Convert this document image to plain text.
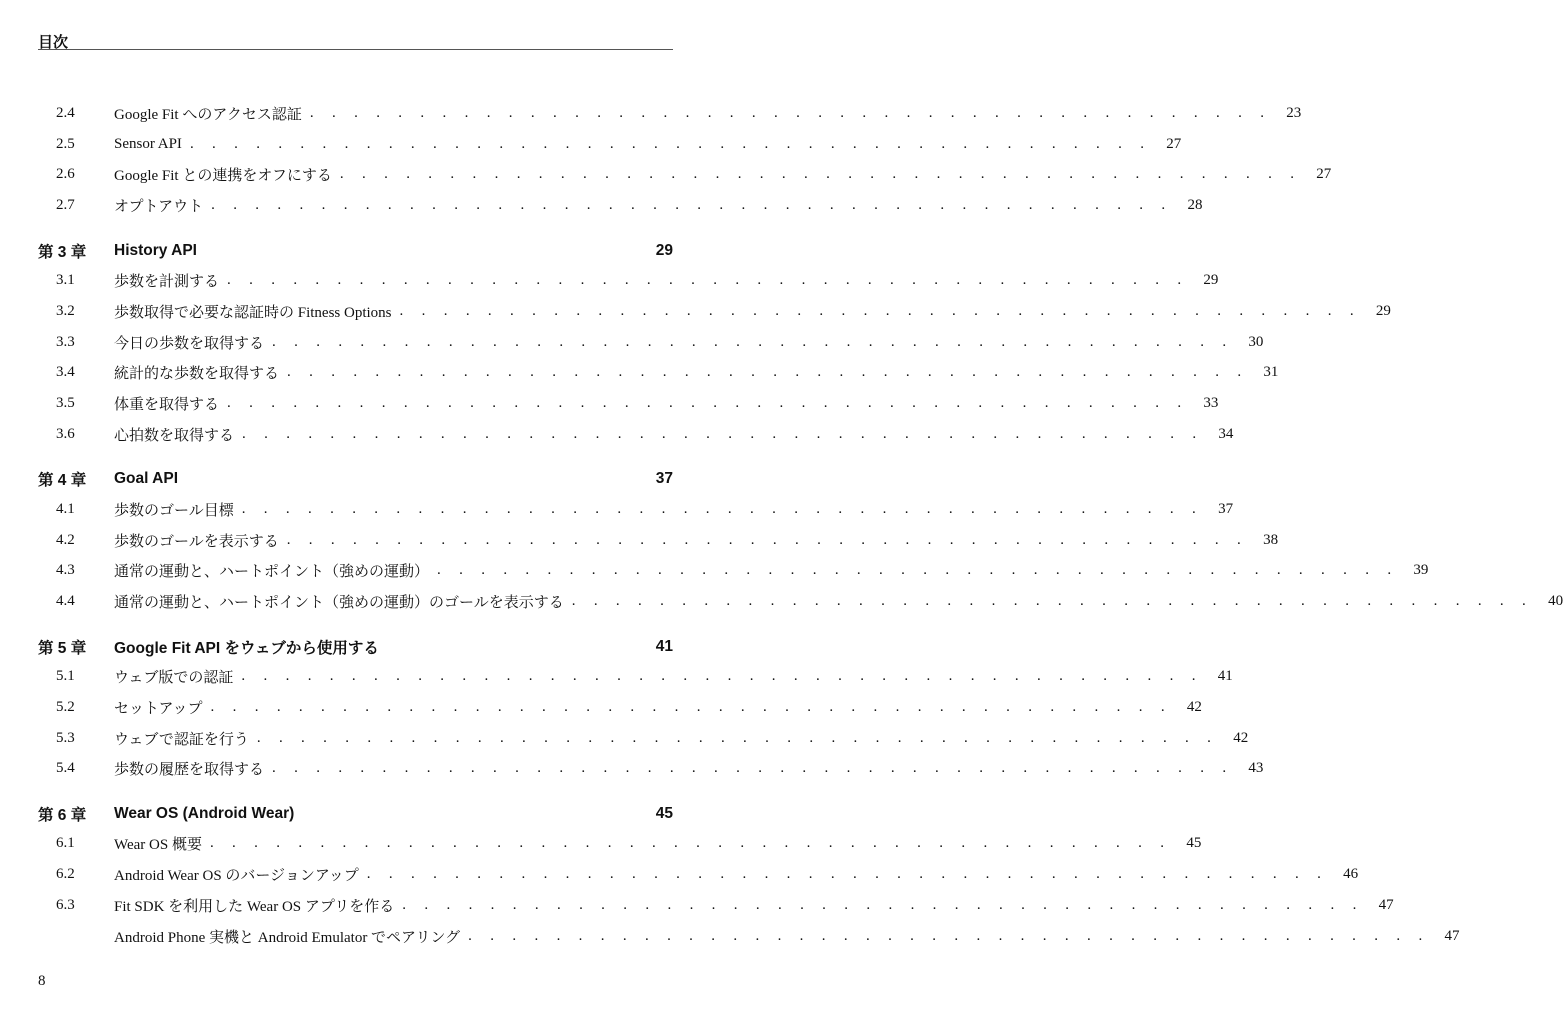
目次
2.4	Google Fit へのアクセス認証 . . . . . . . . . . . . . . . . . . . . . . . . . . . . . . . . . . . . . . . . . . . .	23
2.5	Sensor API . . . . . . . . . . . . . . . . . . . . . . . . . . . . . . . . . . . . . . . . . . . .	27
2.6	Google Fit との連携をオフにする . . . . . . . . . . . . . . . . . . . . . . . . . . . . . . . . . . . . . . . . . . . .	27
2.7	オプトアウト . . . . . . . . . . . . . . . . . . . . . . . . . . . . . . . . . . . . . . . . . . . .	28
第 3 章	History API	29
3.1	歩数を計測する . . . . . . . . . . . . . . . . . . . . . . . . . . . . . . . . . . . . . . . . . . . .	29
3.2	歩数取得で必要な認証時の Fitness Options . . . . . . . . . . . . . . . . . . . . . . . . . . . . . . . . . . . . . . . . . . . .	29
3.3	今日の歩数を取得する . . . . . . . . . . . . . . . . . . . . . . . . . . . . . . . . . . . . . . . . . . . .	30
3.4	統計的な歩数を取得する . . . . . . . . . . . . . . . . . . . . . . . . . . . . . . . . . . . . . . . . . . . .	31
3.5	体重を取得する . . . . . . . . . . . . . . . . . . . . . . . . . . . . . . . . . . . . . . . . . . . .	33
3.6	心拍数を取得する . . . . . . . . . . . . . . . . . . . . . . . . . . . . . . . . . . . . . . . . . . . .	34
第 4 章	Goal API	37
4.1	歩数のゴール目標 . . . . . . . . . . . . . . . . . . . . . . . . . . . . . . . . . . . . . . . . . . . .	37
4.2	歩数のゴールを表示する . . . . . . . . . . . . . . . . . . . . . . . . . . . . . . . . . . . . . . . . . . . .	38
4.3	通常の運動と、ハートポイント（強めの運動） . . . . . . . . . . . . . . . . . . . . . . . . . . . . . . . . . . . . . . . . . . . .	39
4.4	通常の運動と、ハートポイント（強めの運動）のゴールを表示する . . . . . . . . . . . . . . . . . . . . . . . . . . . . . . . . . . . . . . . . . . . .	40
第 5 章	Google Fit API をウェブから使用する	41
5.1	ウェブ版での認証 . . . . . . . . . . . . . . . . . . . . . . . . . . . . . . . . . . . . . . . . . . . .	41
5.2	セットアップ . . . . . . . . . . . . . . . . . . . . . . . . . . . . . . . . . . . . . . . . . . . .	42
5.3	ウェブで認証を行う . . . . . . . . . . . . . . . . . . . . . . . . . . . . . . . . . . . . . . . . . . . .	42
5.4	歩数の履歴を取得する . . . . . . . . . . . . . . . . . . . . . . . . . . . . . . . . . . . . . . . . . . . .	43
第 6 章	Wear OS (Android Wear)	45
6.1	Wear OS 概要 . . . . . . . . . . . . . . . . . . . . . . . . . . . . . . . . . . . . . . . . . . . .	45
6.2	Android Wear OS のバージョンアップ . . . . . . . . . . . . . . . . . . . . . . . . . . . . . . . . . . . . . . . . . . . .	46
6.3	Fit SDK を利用した Wear OS アプリを作る . . . . . . . . . . . . . . . . . . . . . . . . . . . . . . . . . . . . . . . . . . . .	47
Android Phone 実機と Android Emulator でペアリング . . . . . . . . . . . . . . . . . . . . . . . . . . . . . . . . . . . . . . . . . . . .	47
8
